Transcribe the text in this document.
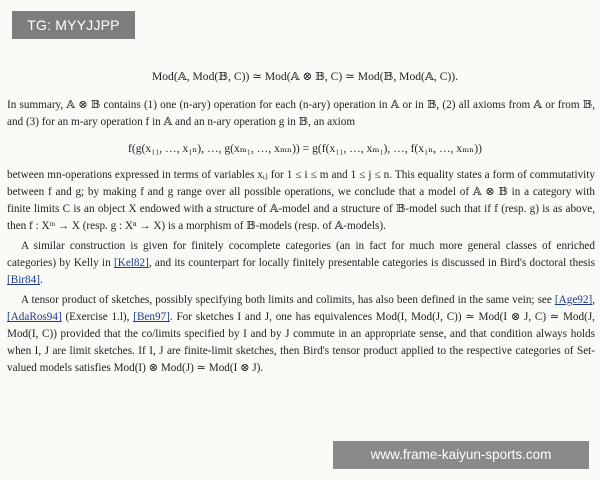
TG: MYYJJPP

Mod(𝔸, Mod(𝔹, C)) ≃ Mod(𝔸 ⊗ 𝔹, C) ≃ Mod(𝔹, Mod(𝔸, C)).

In summary, 𝔸 ⊗ 𝔹 contains (1) one (n-ary) operation for each (n-ary) operation in 𝔸 or in 𝔹, (2) all axioms from 𝔸 or from 𝔹, and (3) for an m-ary operation f in 𝔸 and an n-ary operation g in 𝔹, an axiom

f(g(x₁₁, …, x₁ₙ), …, g(xₘ₁, …, xₘₙ)) = g(f(x₁₁, …, xₘ₁), …, f(x₁ₙ, …, xₘₙ))

between mn-operations expressed in terms of variables xᵢⱼ for 1 ≤ i ≤ m and 1 ≤ j ≤ n. This equality states a form of commutativity between f and g; by making f and g range over all possible operations, we conclude that a model of 𝔸 ⊗ 𝔹 in a category with finite limits C is an object X endowed with a structure of 𝔸-model and a structure of 𝔹-model such that if f (resp. g) is as above, then f : Xᵐ → X (resp. g : Xⁿ → X) is a morphism of 𝔹-models (resp. of 𝔸-models).

A similar construction is given for finitely cocomplete categories (an in fact for much more general classes of enriched categories) by Kelly in [Kel82], and its counterpart for locally finitely presentable categories is discussed in Bird's doctoral thesis [Bir84].

A tensor product of sketches, possibly specifying both limits and colimits, has also been defined in the same vein; see [Age92], [AdaRos94] (Exercise 1.l), [Ben97]. For sketches I and J, one has equivalences Mod(I, Mod(J, C)) ≃ Mod(I ⊗ J, C) ≃ Mod(J, Mod(I, C)) provided that the co/limits specified by I and by J commute in an appropriate sense, and that condition always holds when I, J are limit sketches. If I, J are finite-limit sketches, then Bird's tensor product applied to the respective categories of Set-valued models satisfies Mod(I) ⊗ Mod(J) ≃ Mod(I ⊗ J).

www.frame-kaiyun-sports.com
